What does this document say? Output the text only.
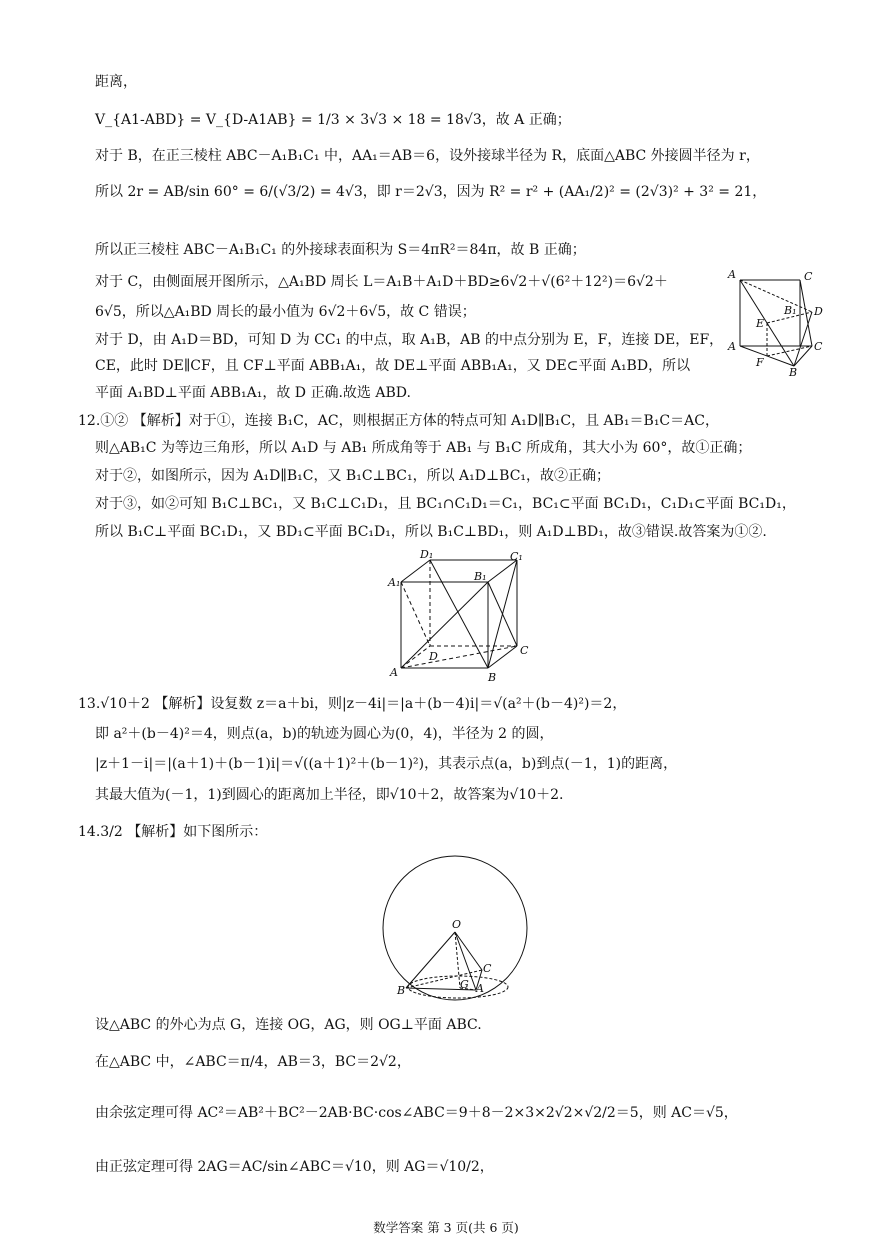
距离，
V_{A1-ABD} = V_{D-A1AB} = 1/3 × 3√3 × 18 = 18√3，故 A 正确；
对于 B，在正三棱柱 ABC－A₁B₁C₁ 中，AA₁＝AB＝6，设外接球半径为 R，底面△ABC 外接圆半径为 r，
所以 2r = AB/sin 60° = 6/(√3/2) = 4√3，即 r＝2√3，因为 R² = r² + (AA₁/2)² = (2√3)² + 3² = 21，
所以正三棱柱 ABC－A₁B₁C₁ 的外接球表面积为 S＝4πR²＝84π，故 B 正确；
对于 C，由侧面展开图所示，△A₁BD 周长 L＝A₁B＋A₁D＋BD≥6√2＋√(6²＋12²)＝6√2＋
6√5，所以△A₁BD 周长的最小值为 6√2＋6√5，故 C 错误；
对于 D，由 A₁D＝BD，可知 D 为 CC₁ 的中点，取 A₁B，AB 的中点分别为 E，F，连接 DE，EF，
CE，此时 DE∥CF，且 CF⊥平面 ABB₁A₁，故 DE⊥平面 ABB₁A₁，又 DE⊂平面 A₁BD，所以
平面 A₁BD⊥平面 ABB₁A₁，故 D 正确.故选 ABD.
12.①② 【解析】对于①，连接 B₁C，AC，则根据正方体的特点可知 A₁D∥B₁C，且 AB₁＝B₁C＝AC，
则△AB₁C 为等边三角形，所以 A₁D 与 AB₁ 所成角等于 AB₁ 与 B₁C 所成角，其大小为 60°，故①正确；
对于②，如图所示，因为 A₁D∥B₁C，又 B₁C⊥BC₁，所以 A₁D⊥BC₁，故②正确；
对于③，如②可知 B₁C⊥BC₁，又 B₁C⊥C₁D₁，且 BC₁∩C₁D₁＝C₁，BC₁⊂平面 BC₁D₁，C₁D₁⊂平面 BC₁D₁，
所以 B₁C⊥平面 BC₁D₁，又 BD₁⊂平面 BC₁D₁，所以 B₁C⊥BD₁，则 A₁D⊥BD₁，故③错误.故答案为①②.
13.√10＋2 【解析】设复数 z＝a＋bi，则|z－4i|＝|a＋(b－4)i|＝√(a²＋(b－4)²)＝2，
即 a²＋(b－4)²＝4，则点(a，b)的轨迹为圆心为(0，4)，半径为 2 的圆，
|z＋1－i|＝|(a＋1)＋(b－1)i|＝√((a＋1)²＋(b－1)²)，其表示点(a，b)到点(－1，1)的距离，
其最大值为(－1，1)到圆心的距离加上半径，即√10＋2，故答案为√10＋2.
14.3/2 【解析】如下图所示：
设△ABC 的外心为点 G，连接 OG，AG，则 OG⊥平面 ABC.
在△ABC 中，∠ABC＝π/4，AB＝3，BC＝2√2，
由余弦定理可得 AC²＝AB²＋BC²－2AB·BC·cos∠ABC＝9＋8－2×3×2√2×√2/2＝5，则 AC＝√5，
由正弦定理可得 2AG＝AC/sin∠ABC＝√10，则 AG＝√10/2，
A	C
B₁ D
E
A
F
C
B
D₁	C₁
A₁	B₁
D
A	B
C
O
C
B	G A
数学答案 第 3 页(共 6 页)
